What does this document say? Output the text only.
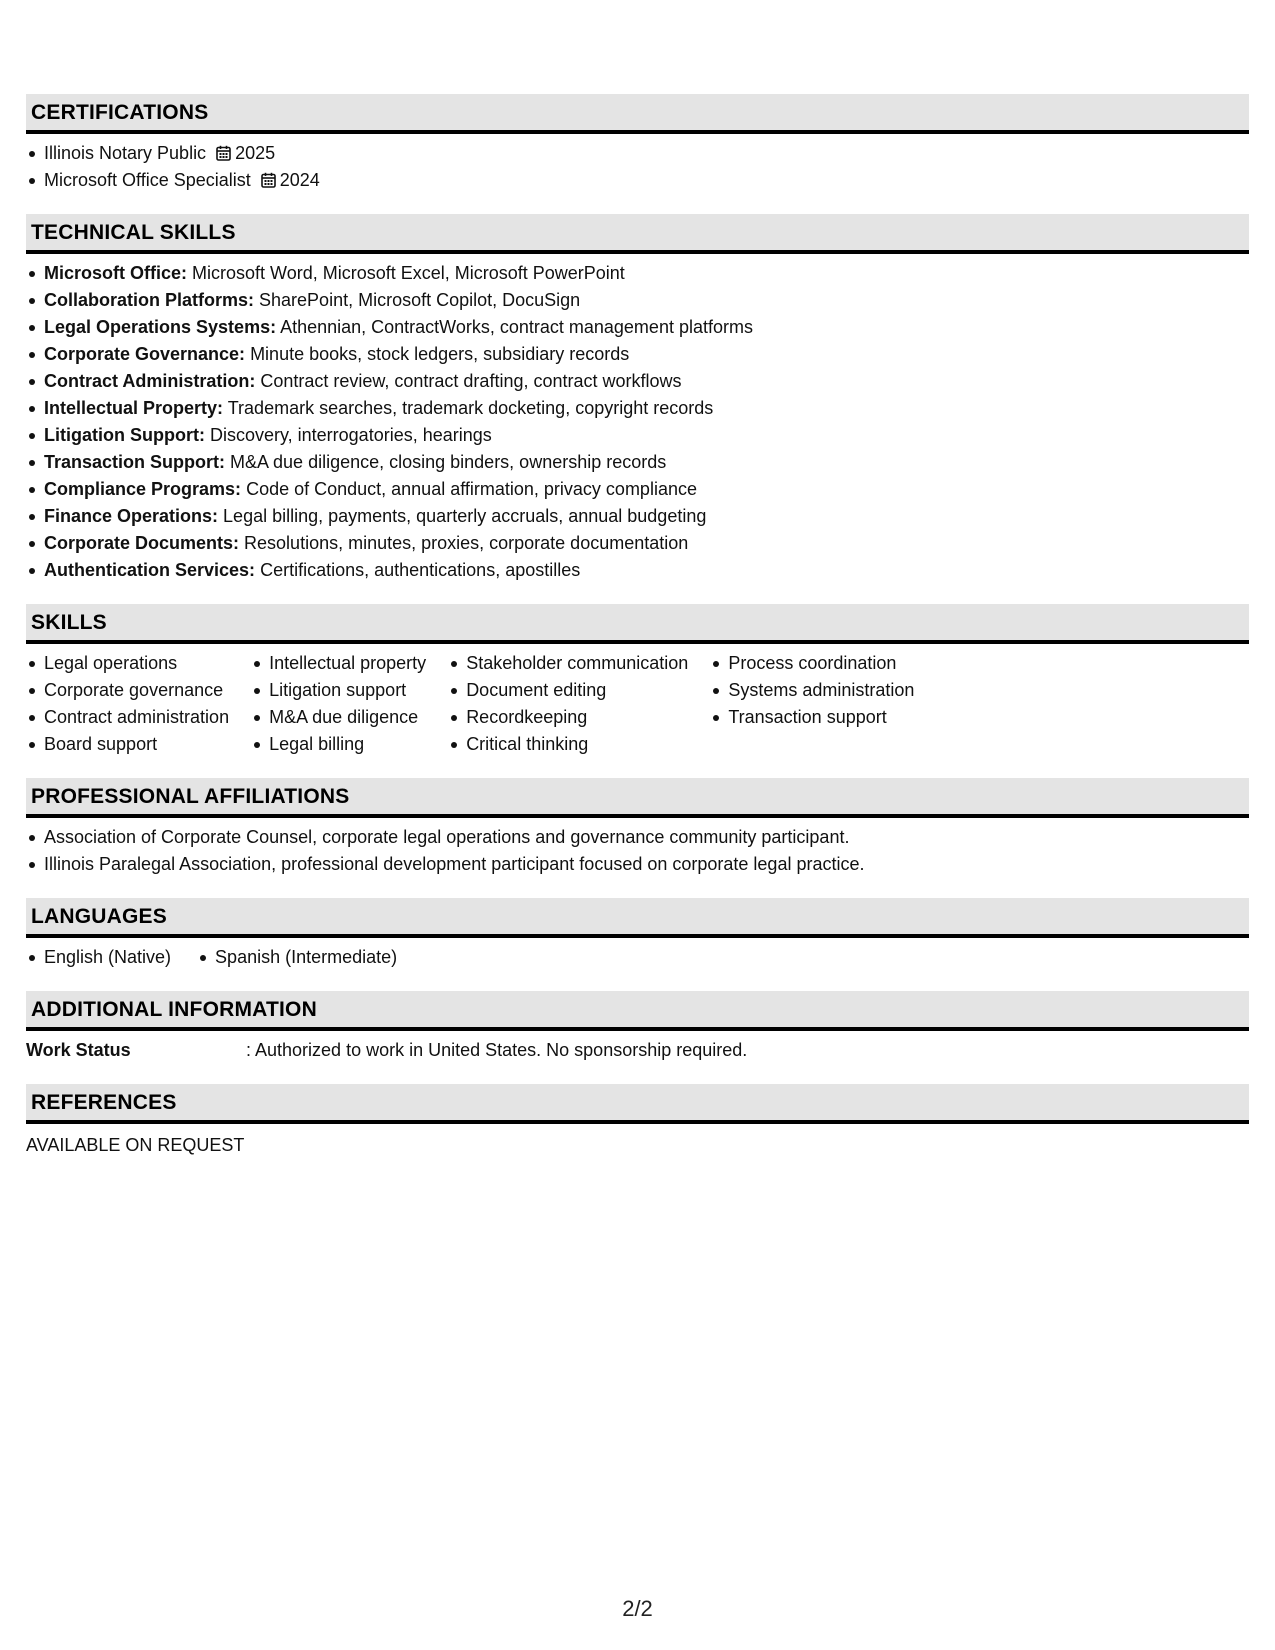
CERTIFICATIONS
Illinois Notary Public 2025
Microsoft Office Specialist 2024
TECHNICAL SKILLS
Microsoft Office: Microsoft Word, Microsoft Excel, Microsoft PowerPoint
Collaboration Platforms: SharePoint, Microsoft Copilot, DocuSign
Legal Operations Systems: Athennian, ContractWorks, contract management platforms
Corporate Governance: Minute books, stock ledgers, subsidiary records
Contract Administration: Contract review, contract drafting, contract workflows
Intellectual Property: Trademark searches, trademark docketing, copyright records
Litigation Support: Discovery, interrogatories, hearings
Transaction Support: M&A due diligence, closing binders, ownership records
Compliance Programs: Code of Conduct, annual affirmation, privacy compliance
Finance Operations: Legal billing, payments, quarterly accruals, annual budgeting
Corporate Documents: Resolutions, minutes, proxies, corporate documentation
Authentication Services: Certifications, authentications, apostilles
SKILLS
Legal operations
Corporate governance
Contract administration
Board support
Intellectual property
Litigation support
M&A due diligence
Legal billing
Stakeholder communication
Document editing
Recordkeeping
Critical thinking
Process coordination
Systems administration
Transaction support
PROFESSIONAL AFFILIATIONS
Association of Corporate Counsel, corporate legal operations and governance community participant.
Illinois Paralegal Association, professional development participant focused on corporate legal practice.
LANGUAGES
English (Native)	Spanish (Intermediate)
ADDITIONAL INFORMATION
Work Status	: Authorized to work in United States. No sponsorship required.
REFERENCES
AVAILABLE ON REQUEST
2/2
